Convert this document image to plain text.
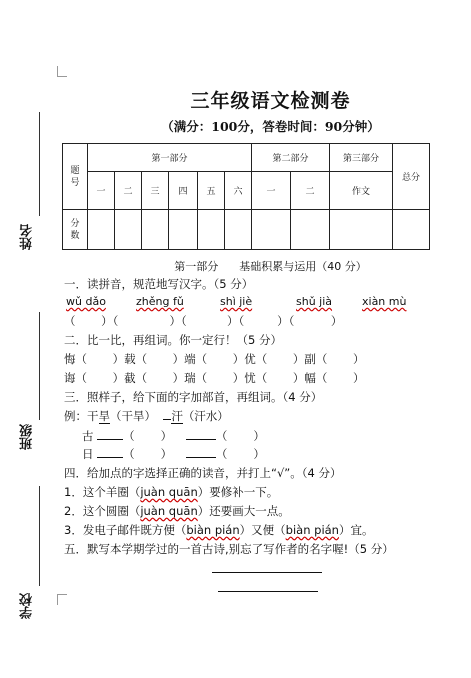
姓名
班级
学校
三年级语文检测卷
（满分：100分，答卷时间：90分钟）
题号	第一部分						第二部分		第三部分	总分
	一	二	三	四	五	六	一	二	作文	
分数										
第一部分      基础积累与运用（40 分）
一．读拼音，规范地写汉字。（5 分）
wǔ dǎo	zhěng fǔ	shì jiè	shǔ jià	xiàn mù
（       ）（              ）（           ）（         ）（          ）
二．比一比，再组词。你一定行！（5 分）
悔（       ）载（       ）端（       ）优（       ）副（       ）
诲（       ）截（       ）瑞（       ）忧（       ）幅（       ）
三．照样子，给下面的字加部首，再组词。（4 分）
例：干旱（干旱）  汗（汗水）
古	（ ）	（ ）
日	（ ）	（ ）
四．给加点的字选择正确的读音，并打上“√”。（4 分）
1．这个羊圈（juàn quān）要修补一下。
2．这个圆圈（juàn quān）还要画大一点。
3．发电子邮件既方便（biàn pián）又便（biàn pián）宜。
五．默写本学期学过的一首古诗,别忘了写作者的名字喔!（5 分）
